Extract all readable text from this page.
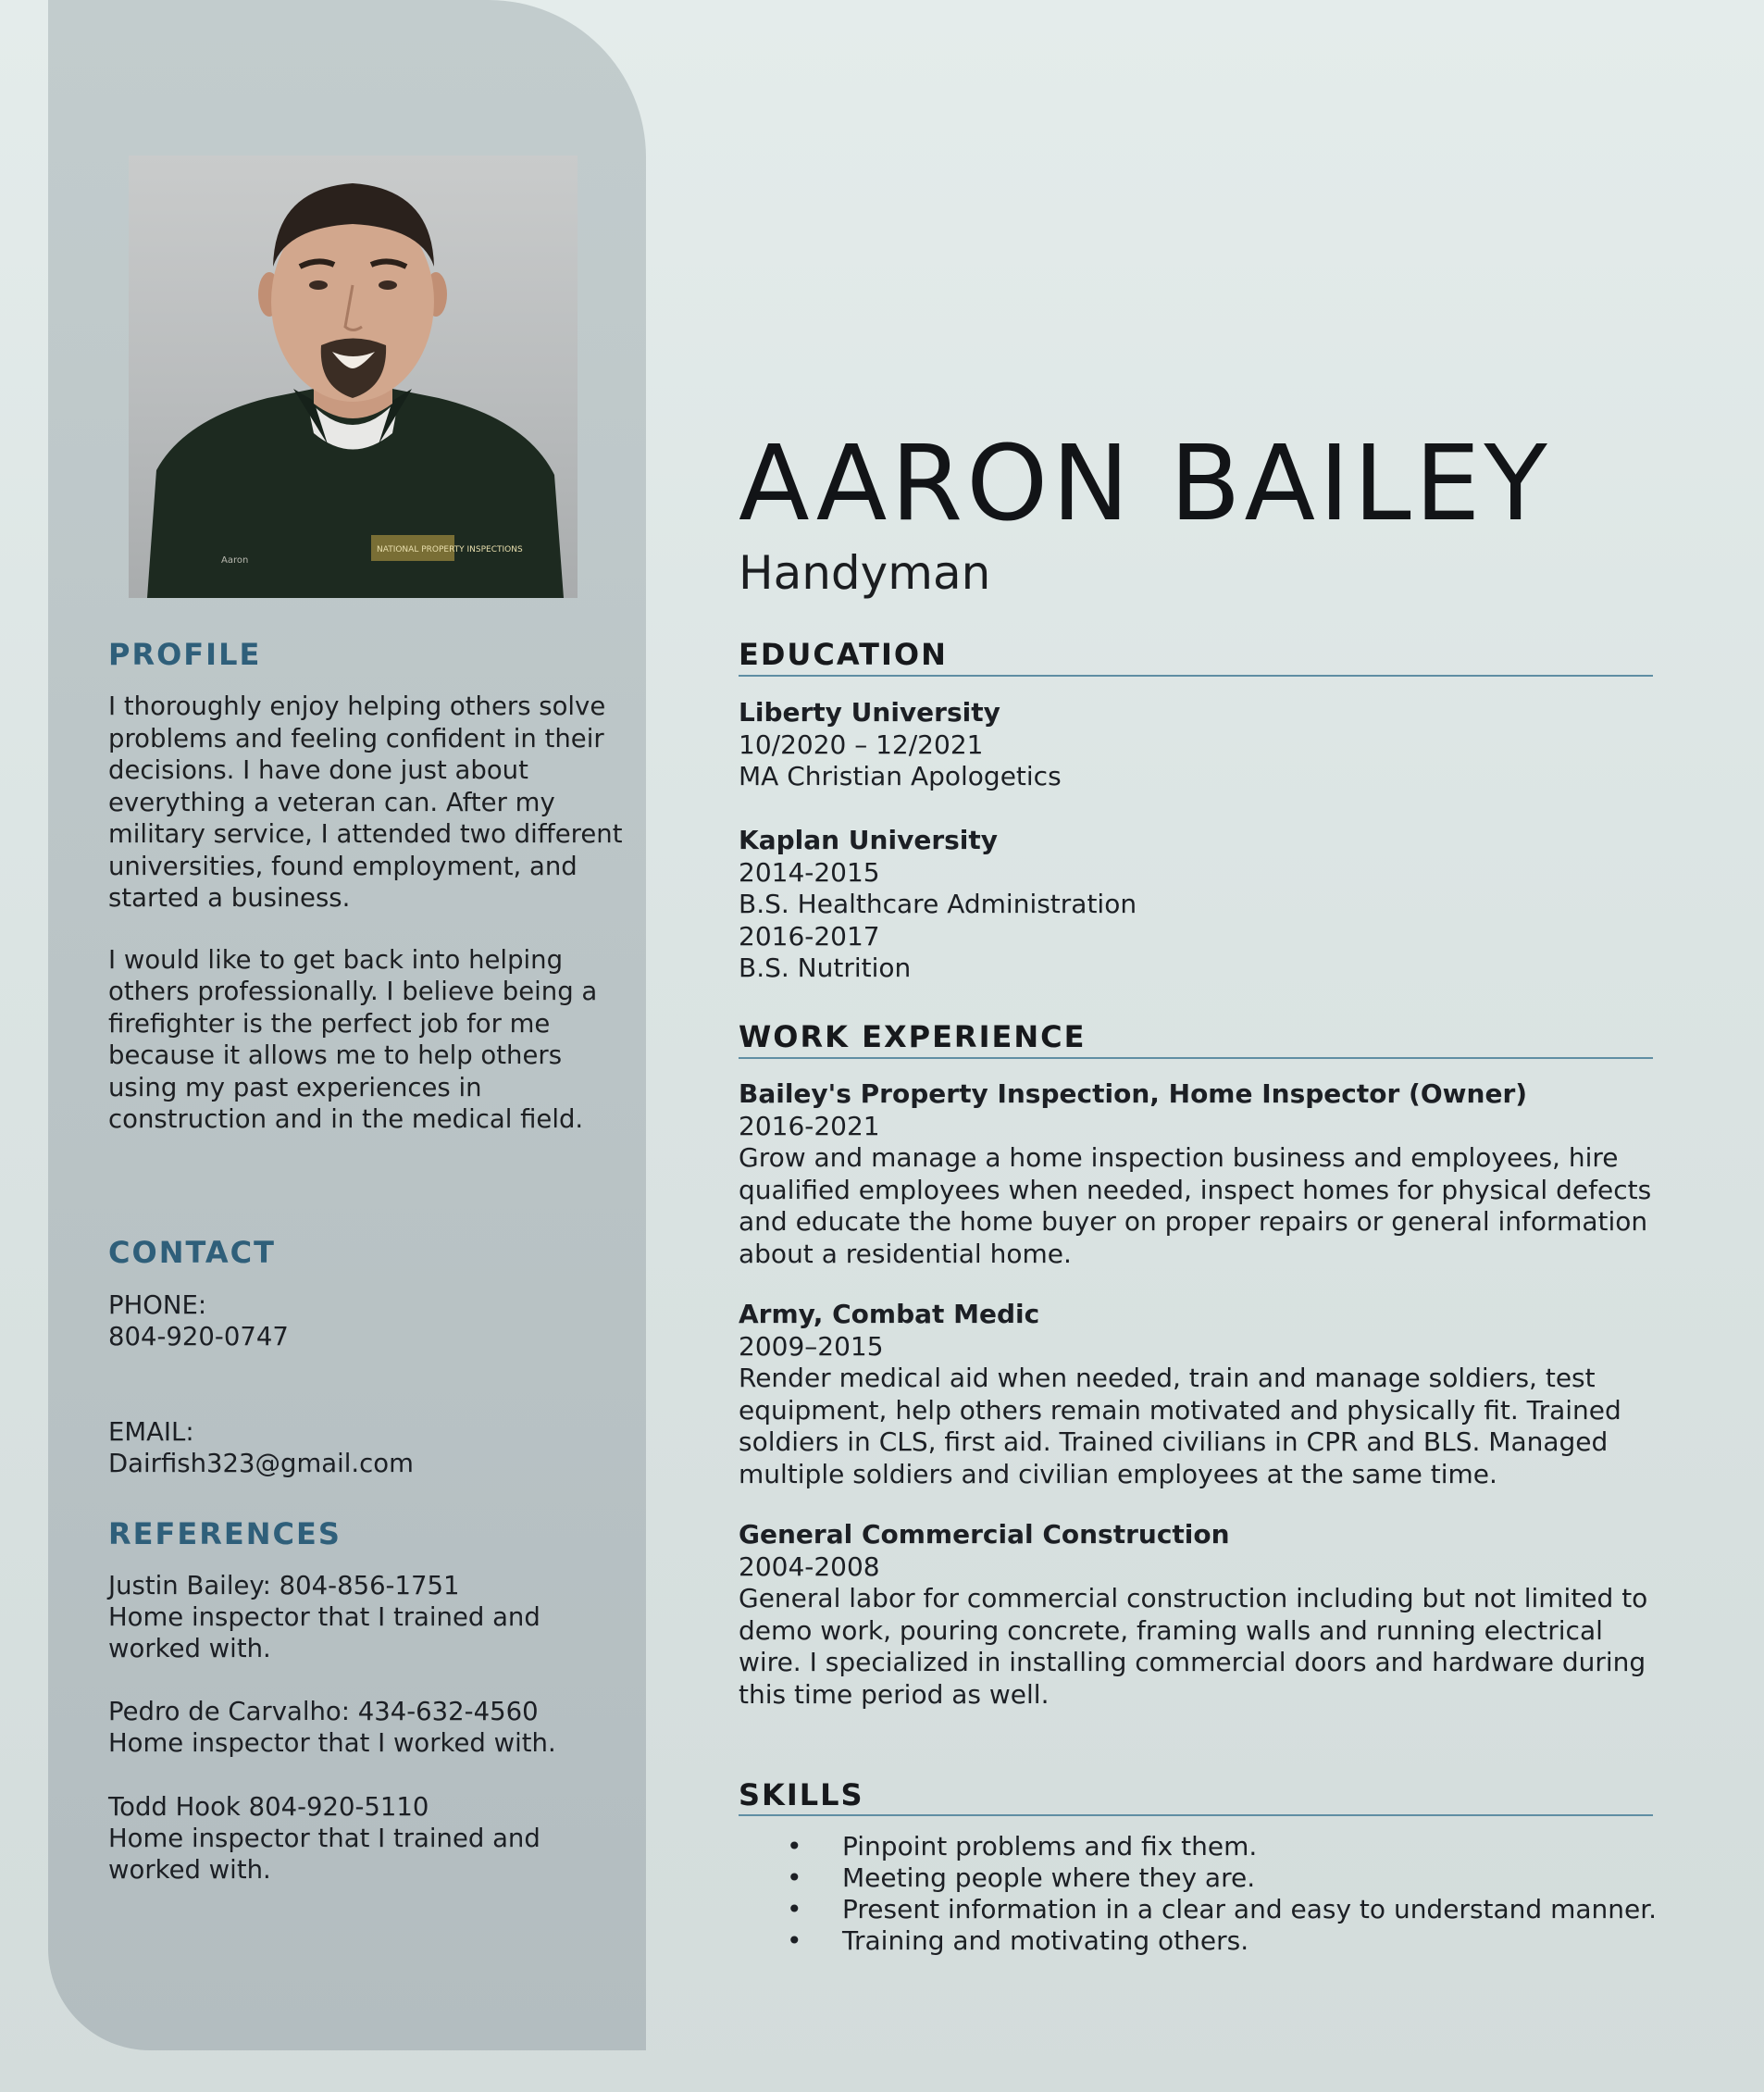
NATIONAL PROPERTY INSPECTIONS
Aaron
PROFILE

I thoroughly enjoy helping others solve problems and feeling confident in their decisions. I have done just about everything a veteran can. After my military service, I attended two different universities, found employment, and started a business.

I would like to get back into helping others professionally. I believe being a firefighter is the perfect job for me because it allows me to help others using my past experiences in construction and in the medical field.

CONTACT
PHONE:
804-920-0747
EMAIL:
Dairfish323@gmail.com
REFERENCES
Justin Bailey: 804-856-1751
Home inspector that I trained and
worked with.
Pedro de Carvalho: 434-632-4560
Home inspector that I worked with.
Todd Hook 804-920-5110
Home inspector that I trained and
worked with.
AARON BAILEY
Handyman
EDUCATION
Liberty University
10/2020 – 12/2021
MA Christian Apologetics
Kaplan University
2014-2015
B.S. Healthcare Administration
2016-2017
B.S. Nutrition
WORK EXPERIENCE
Bailey's Property Inspection, Home Inspector (Owner)
2016-2021
Grow and manage a home inspection business and employees, hire qualified employees when needed, inspect homes for physical defects and educate the home buyer on proper repairs or general information about a residential home.
Army, Combat Medic
2009–2015
Render medical aid when needed, train and manage soldiers, test equipment, help others remain motivated and physically fit. Trained soldiers in CLS, first aid. Trained civilians in CPR and BLS. Managed multiple soldiers and civilian employees at the same time.
General Commercial Construction
2004-2008
General labor for commercial construction including but not limited to demo work, pouring concrete, framing walls and running electrical wire. I specialized in installing commercial doors and hardware during this time period as well.
SKILLS
• Pinpoint problems and fix them.
• Meeting people where they are.
• Present information in a clear and easy to understand manner.
• Training and motivating others.
